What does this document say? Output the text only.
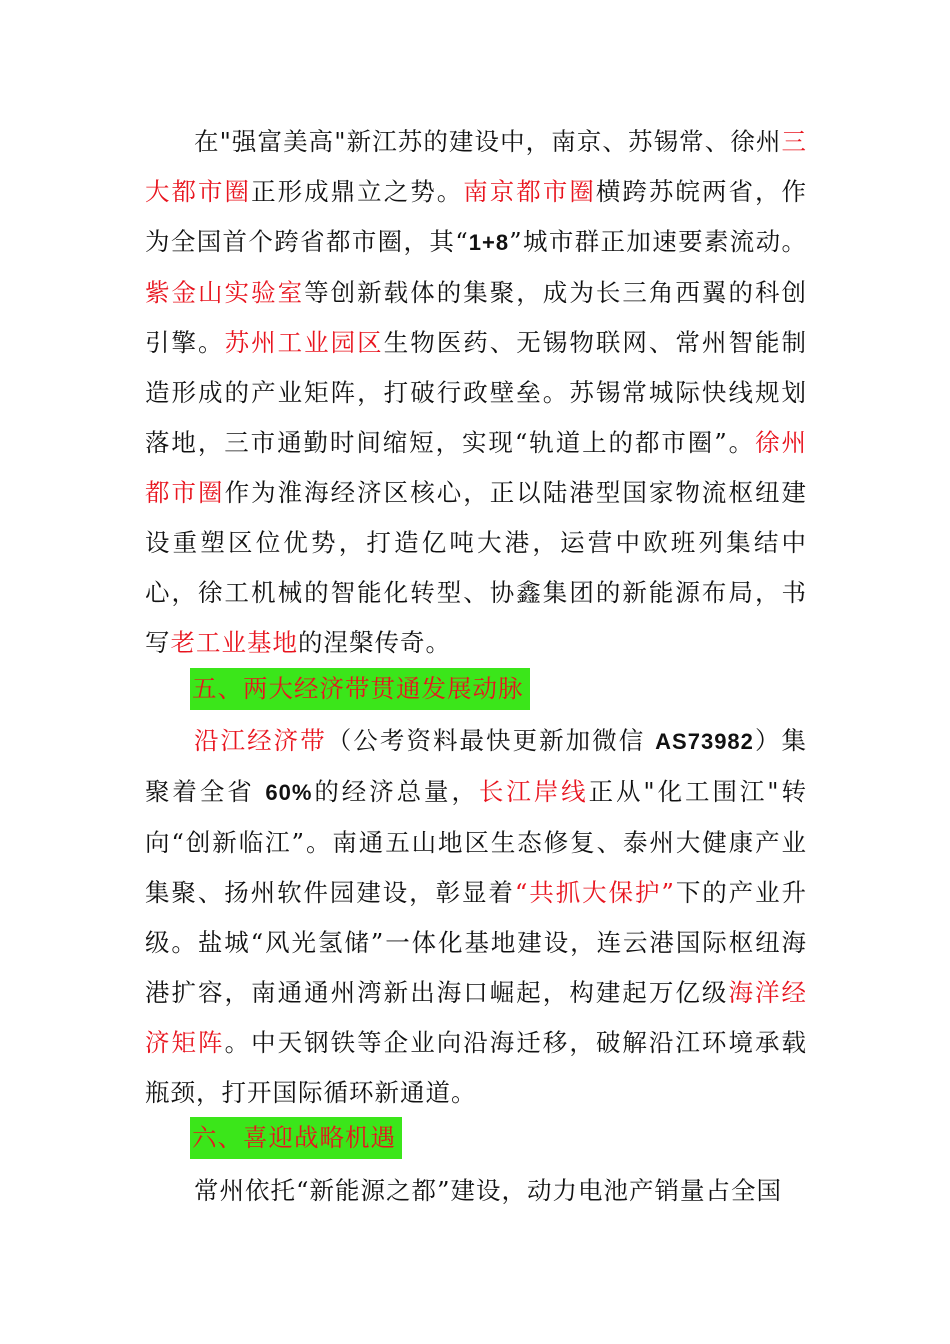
在"强富美高"新江苏的建设中，南京、苏锡常、徐州三大都市圈正形成鼎立之势。南京都市圈横跨苏皖两省，作为全国首个跨省都市圈，其“1+8”城市群正加速要素流动。紫金山实验室等创新载体的集聚，成为长三角西翼的科创引擎。苏州工业园区生物医药、无锡物联网、常州智能制造形成的产业矩阵，打破行政壁垒。苏锡常城际快线规划落地，三市通勤时间缩短，实现“轨道上的都市圈”。徐州都市圈作为淮海经济区核心，正以陆港型国家物流枢纽建设重塑区位优势，打造亿吨大港，运营中欧班列集结中心，徐工机械的智能化转型、协鑫集团的新能源布局，书写老工业基地的涅槃传奇。

五、两大经济带贯通发展动脉

沿江经济带（公考资料最快更新加微信 AS73982）集聚着全省 60%的经济总量，长江岸线正从"化工围江"转向“创新临江”。南通五山地区生态修复、泰州大健康产业集聚、扬州软件园建设，彰显着“共抓大保护”下的产业升级。盐城“风光氢储”一体化基地建设，连云港国际枢纽海港扩容，南通通州湾新出海口崛起，构建起万亿级海洋经济矩阵。中天钢铁等企业向沿海迁移，破解沿江环境承载瓶颈，打开国际循环新通道。

六、喜迎战略机遇

常州依托“新能源之都”建设，动力电池产销量占全国
